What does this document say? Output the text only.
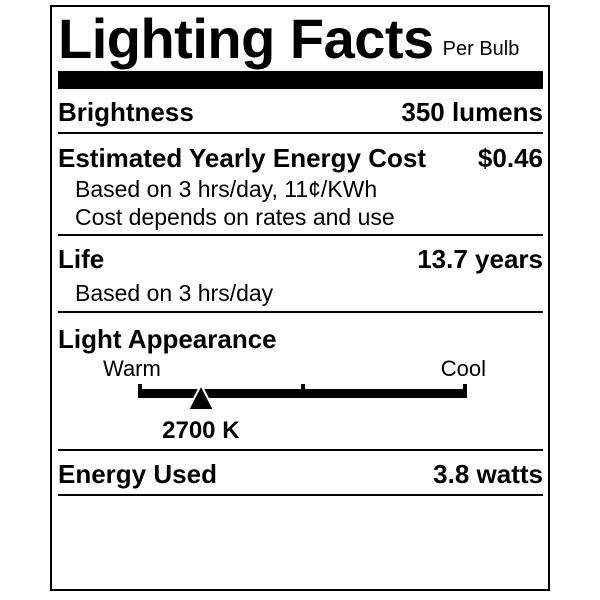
Lighting Facts Per Bulb
Brightness	350 lumens
Estimated Yearly Energy Cost $0.46
Based on 3 hrs/day, 11¢/KWh
Cost depends on rates and use
Life	13.7 years
Based on 3 hrs/day
Light Appearance
Warm	Cool
2700 K
Energy Used	3.8 watts
